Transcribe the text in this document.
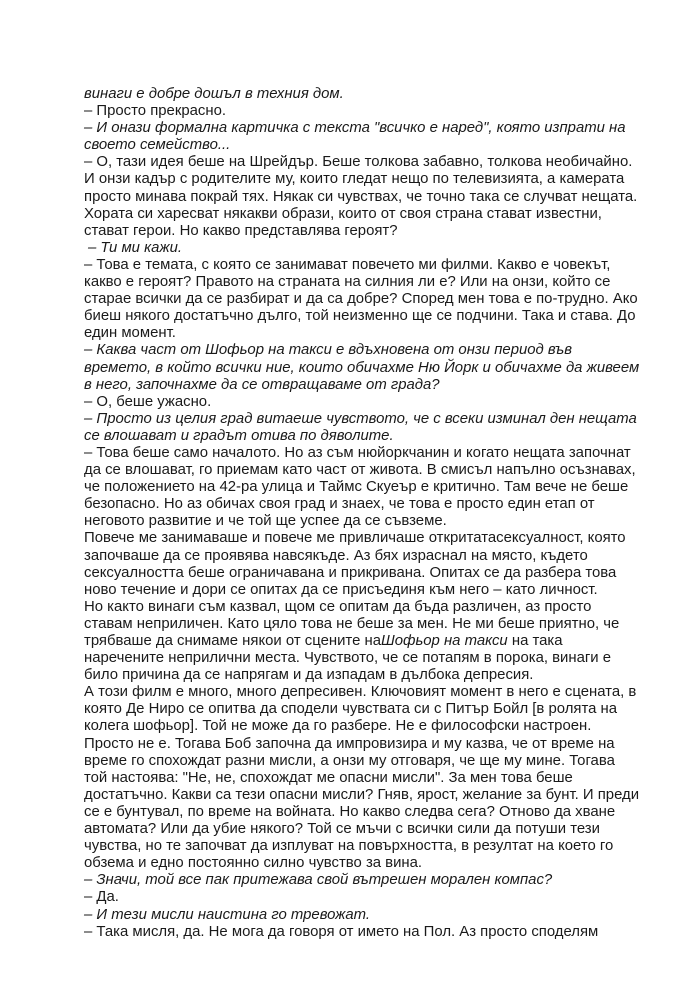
винаги е добре дошъл в техния дом.

– Просто прекрасно.

– И онази формална картичка с текста "всичко е наред", която изпрати на своето семейство...

– О, тази идея беше на Шрейдър. Беше толкова забавно, толкова необичайно. И онзи кадър с родителите му, които гледат нещо по телевизията, а камерата просто минава покрай тях. Някак си чувствах, че точно така се случват нещата. Хората си харесват някакви образи, които от своя страна стават известни, стават герои. Но какво представлява героят?

– Ти ми кажи.

– Това е темата, с която се занимават повечето ми филми. Какво е човекът, какво е героят? Правото на страната на силния ли е? Или на онзи, който се старае всички да се разбират и да са добре? Според мен това е по-трудно. Ако биеш някого достатъчно дълго, той неизменно ще се подчини. Така и става. До един момент.

– Каква част от Шофьор на такси е вдъхновена от онзи период във времето, в който всички ние, които обичахме Ню Йорк и обичахме да живеем в него, започнахме да се отвращаваме от града?

– О, беше ужасно.

– Просто из целия град витаеше чувството, че с всеки изминал ден нещата се влошават и градът отива по дяволите.

– Това беше само началото. Но аз съм нюйоркчанин и когато нещата започнат да се влошават, го приемам като част от живота. В смисъл напълно осъзнавах, че положението на 42-ра улица и Таймс Скуеър е критично. Там вече не беше безопасно. Но аз обичах своя град и знаех, че това е просто един етап от неговото развитие и че той ще успее да се съвземе.

Повече ме занимаваше и повече ме привличаше откритатасексуалност, която започваше да се проявява навсякъде. Аз бях израснал на място, където сексуалността беше ограничавана и прикривана. Опитах се да разбера това ново течение и дори се опитах да се присъединя към него – като личност.

Но както винаги съм казвал, щом се опитам да бъда различен, аз просто ставам неприличен. Като цяло това не беше за мен. Не ми беше приятно, че трябваше да снимаме някои от сцените наШофьор на такси на така наречените неприлични места. Чувството, че се потапям в порока, винаги е било причина да се напрягам и да изпадам в дълбока депресия.

А този филм е много, много депресивен. Ключовият момент в него е сцената, в която Де Ниро се опитва да сподели чувствата си с Питър Бойл [в ролята на колега шофьор]. Той не може да го разбере. Не е философски настроен. Просто не е. Тогава Боб започна да импровизира и му казва, че от време на време го спохождат разни мисли, а онзи му отговаря, че ще му мине. Тогава той настоява: "Не, не, спохождат ме опасни мисли". За мен това беше достатъчно. Какви са тези опасни мисли? Гняв, ярост, желание за бунт. И преди се е бунтувал, по време на войната. Но какво следва сега? Отново да хване автомата? Или да убие някого? Той се мъчи с всички сили да потуши тези чувства, но те започват да изплуват на повърхността, в резултат на което го обзема и едно постоянно силно чувство за вина.

– Значи, той все пак притежава свой вътрешен морален компас?

– Да.

– И тези мисли наистина го тревожат.

– Така мисля, да. Не мога да говоря от името на Пол. Аз просто споделям
